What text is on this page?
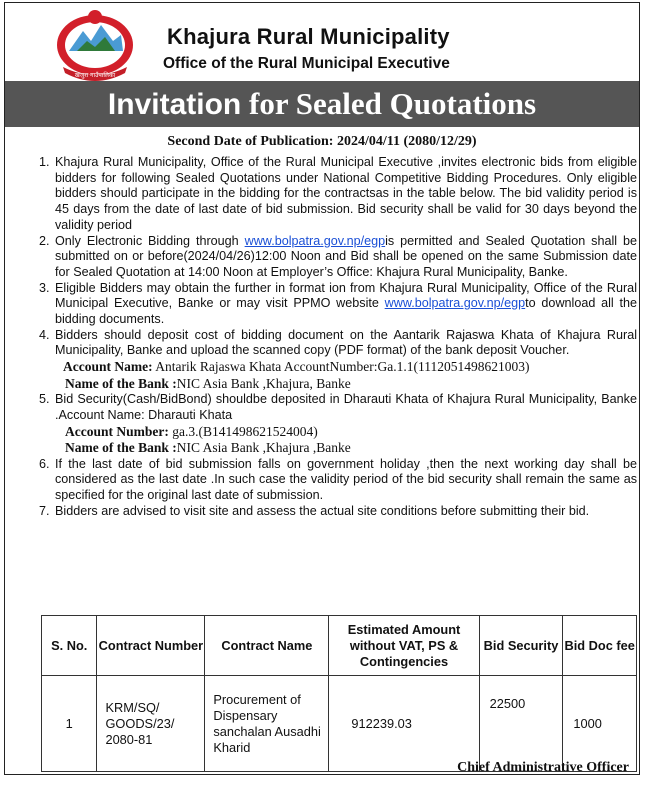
खजुरा गाउँपालिका
Khajura Rural Municipality
Office of the Rural Municipal Executive
Invitation for Sealed Quotations
Second Date of Publication: 2024/04/11 (2080/12/29)
1. Khajura Rural Municipality, Office of the Rural Municipal Executive ,invites electronic bids from eligible bidders for following Sealed Quotations under National Competitive Bidding Procedures. Only eligible bidders should participate in the bidding for the contractsas in the table below. The bid validity period is 45 days from the date of last date of bid submission. Bid security shall be valid for 30 days beyond the validity period
2. Only Electronic Bidding through www.bolpatra.gov.np/egpis permitted and Sealed Quotation shall be submitted on or before(2024/04/26)12:00 Noon and Bid shall be opened on the same Submission date for Sealed Quotation at 14:00 Noon at Employer’s Office: Khajura Rural Municipality, Banke.
3. Eligible Bidders may obtain the further in format ion from Khajura Rural Municipality, Office of the Rural Municipal Executive, Banke or may visit PPMO website www.bolpatra.gov.np/egpto download all the bidding documents.
4. Bidders should deposit cost of bidding document on the Aantarik Rajaswa Khata of Khajura Rural Municipality, Banke and upload the scanned copy (PDF format) of the bank deposit Voucher.
Account Name: Antarik Rajaswa Khata AccountNumber:Ga.1.1(1112051498621003)
Name of the Bank :NIC Asia Bank ,Khajura, Banke
5. Bid Security(Cash/BidBond) shouldbe deposited in Dharauti Khata of Khajura Rural Municipality, Banke .Account Name: Dharauti Khata
Account Number: ga.3.(B141498621524004)
Name of the Bank :NIC Asia Bank ,Khajura ,Banke
6. If the last date of bid submission falls on government holiday ,then the next working day shall be considered as the last date .In such case the validity period of the bid security shall remain the same as specified for the original last date of submission.
7. Bidders are advised to visit site and assess the actual site conditions before submitting their bid.
S. No.	Contract Number	Contract Name	Estimated Amount without VAT, PS & Contingencies	Bid Security	Bid Doc fee
1	KRM/SQ/ GOODS/23/ 2080-81	Procurement of Dispensary sanchalan Ausadhi Kharid	912239.03	22500	1000
Chief Administrative Officer
